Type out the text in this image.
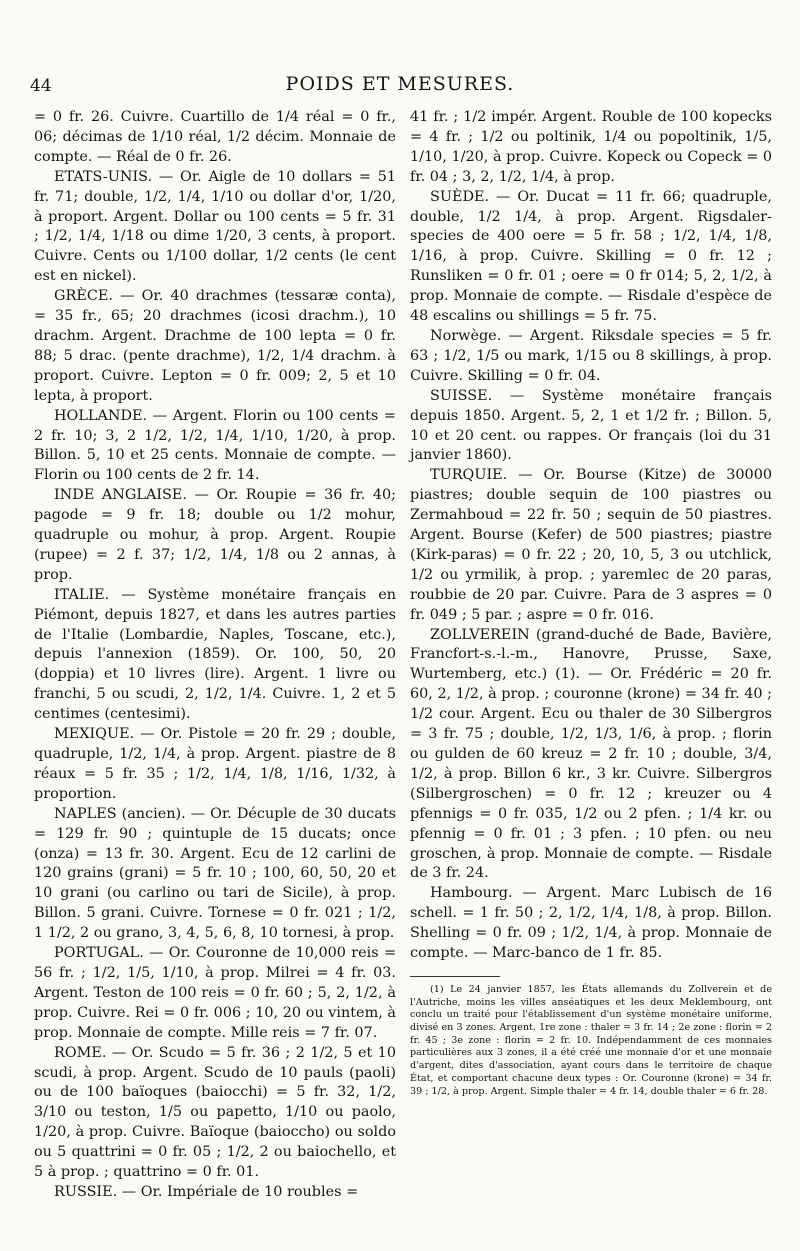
44	POIDS ET MESURES.

= 0 fr. 26. Cuivre. Cuartillo de 1/4 réal = 0 fr., 06; décimas de 1/10 réal, 1/2 décim. Monnaie de compte. — Réal de 0 fr. 26.

ETATS-UNIS. — Or. Aigle de 10 dollars = 51 fr. 71; double, 1/2, 1/4, 1/10 ou dollar d'or, 1/20, à proport. Argent. Dollar ou 100 cents = 5 fr. 31 ; 1/2, 1/4, 1/18 ou dime 1/20, 3 cents, à proport. Cuivre. Cents ou 1/100 dollar, 1/2 cents (le cent est en nickel).

GRÈCE. — Or. 40 drachmes (tessaræ conta), = 35 fr., 65; 20 drachmes (icosi drachm.), 10 drachm. Argent. Drachme de 100 lepta = 0 fr. 88; 5 drac. (pente drachme), 1/2, 1/4 drachm. à proport. Cuivre. Lepton = 0 fr. 009; 2, 5 et 10 lepta, à proport.

HOLLANDE. — Argent. Florin ou 100 cents = 2 fr. 10; 3, 2 1/2, 1/2, 1/4, 1/10, 1/20, à prop. Billon. 5, 10 et 25 cents. Monnaie de compte. — Florin ou 100 cents de 2 fr. 14.

INDE ANGLAISE. — Or. Roupie = 36 fr. 40; pagode = 9 fr. 18; double ou 1/2 mohur, quadruple ou mohur, à prop. Argent. Roupie (rupee) = 2 f. 37; 1/2, 1/4, 1/8 ou 2 annas, à prop.

ITALIE. — Système monétaire français en Piémont, depuis 1827, et dans les autres parties de l'Italie (Lombardie, Naples, Toscane, etc.), depuis l'annexion (1859). Or. 100, 50, 20 (doppia) et 10 livres (lire). Argent. 1 livre ou franchi, 5 ou scudi, 2, 1/2, 1/4. Cuivre. 1, 2 et 5 centimes (centesimi).

MEXIQUE. — Or. Pistole = 20 fr. 29 ; double, quadruple, 1/2, 1/4, à prop. Argent. piastre de 8 réaux = 5 fr. 35 ; 1/2, 1/4, 1/8, 1/16, 1/32, à proportion.

NAPLES (ancien). — Or. Décuple de 30 ducats = 129 fr. 90 ; quintuple de 15 ducats; once (onza) = 13 fr. 30. Argent. Ecu de 12 carlini de 120 grains (grani) = 5 fr. 10 ; 100, 60, 50, 20 et 10 grani (ou carlino ou tari de Sicile), à prop. Billon. 5 grani. Cuivre. Tornese = 0 fr. 021 ; 1/2, 1 1/2, 2 ou grano, 3, 4, 5, 6, 8, 10 tornesi, à prop.

PORTUGAL. — Or. Couronne de 10,000 reis = 56 fr. ; 1/2, 1/5, 1/10, à prop. Milrei = 4 fr. 03. Argent. Teston de 100 reis = 0 fr. 60 ; 5, 2, 1/2, à prop. Cuivre. Rei = 0 fr. 006 ; 10, 20 ou vintem, à prop. Monnaie de compte. Mille reis = 7 fr. 07.

ROME. — Or. Scudo = 5 fr. 36 ; 2 1/2, 5 et 10 scudi, à prop. Argent. Scudo de 10 pauls (paoli) ou de 100 baïoques (baiocchi) = 5 fr. 32, 1/2, 3/10 ou teston, 1/5 ou papetto, 1/10 ou paolo, 1/20, à prop. Cuivre. Baïoque (baioccho) ou soldo ou 5 quattrini = 0 fr. 05 ; 1/2, 2 ou baiochello, et 5 à prop. ; quattrino = 0 fr. 01.

RUSSIE. — Or. Impériale de 10 roubles =

41 fr. ; 1/2 impér. Argent. Rouble de 100 kopecks = 4 fr. ; 1/2 ou poltinik, 1/4 ou popoltinik, 1/5, 1/10, 1/20, à prop. Cuivre. Kopeck ou Copeck = 0 fr. 04 ; 3, 2, 1/2, 1/4, à prop.

SUÈDE. — Or. Ducat = 11 fr. 66; quadruple, double, 1/2 1/4, à prop. Argent. Rigsdaler-species de 400 oere = 5 fr. 58 ; 1/2, 1/4, 1/8, 1/16, à prop. Cuivre. Skilling = 0 fr. 12 ; Runsliken = 0 fr. 01 ; oere = 0 fr 014; 5, 2, 1/2, à prop. Monnaie de compte. — Risdale d'espèce de 48 escalins ou shillings = 5 fr. 75.

Norwège. — Argent. Riksdale species = 5 fr. 63 ; 1/2, 1/5 ou mark, 1/15 ou 8 skillings, à prop. Cuivre. Skilling = 0 fr. 04.

SUISSE. — Système monétaire français depuis 1850. Argent. 5, 2, 1 et 1/2 fr. ; Billon. 5, 10 et 20 cent. ou rappes. Or français (loi du 31 janvier 1860).

TURQUIE. — Or. Bourse (Kitze) de 30000 piastres; double sequin de 100 piastres ou Zermahboud = 22 fr. 50 ; sequin de 50 piastres. Argent. Bourse (Kefer) de 500 piastres; piastre (Kirk-paras) = 0 fr. 22 ; 20, 10, 5, 3 ou utchlick, 1/2 ou yrmilik, à prop. ; yaremlec de 20 paras, roubbie de 20 par. Cuivre. Para de 3 aspres = 0 fr. 049 ; 5 par. ; aspre = 0 fr. 016.

ZOLLVEREIN (grand-duché de Bade, Bavière, Francfort-s.-l.-m., Hanovre, Prusse, Saxe, Wurtemberg, etc.) (1). — Or. Frédéric = 20 fr. 60, 2, 1/2, à prop. ; couronne (krone) = 34 fr. 40 ; 1/2 cour. Argent. Ecu ou thaler de 30 Silbergros = 3 fr. 75 ; double, 1/2, 1/3, 1/6, à prop. ; florin ou gulden de 60 kreuz = 2 fr. 10 ; double, 3/4, 1/2, à prop. Billon 6 kr., 3 kr. Cuivre. Silbergros (Silbergroschen) = 0 fr. 12 ; kreuzer ou 4 pfennigs = 0 fr. 035, 1/2 ou 2 pfen. ; 1/4 kr. ou pfennig = 0 fr. 01 ; 3 pfen. ; 10 pfen. ou neu groschen, à prop. Monnaie de compte. — Risdale de 3 fr. 24.

Hambourg. — Argent. Marc Lubisch de 16 schell. = 1 fr. 50 ; 2, 1/2, 1/4, 1/8, à prop. Billon. Shelling = 0 fr. 09 ; 1/2, 1/4, à prop. Monnaie de compte. — Marc-banco de 1 fr. 85.

(1) Le 24 janvier 1857, les États allemands du Zollverein et de l'Autriche, moins les villes anséatiques et les deux Meklembourg, ont conclu un traité pour l'établissement d'un système monétaire uniforme, divisé en 3 zones. Argent. 1re zone : thaler = 3 fr. 14 ; 2e zone : florin = 2 fr. 45 ; 3e zone : florin = 2 fr. 10. Indépendamment de ces monnaies particulières aux 3 zones, il a été créé une monnaie d'or et une monnaie d'argent, dites d'association, ayant cours dans le territoire de chaque État, et comportant chacune deux types : Or. Couronne (krone) = 34 fr. 39 ; 1/2, à prop. Argent. Simple thaler = 4 fr. 14, double thaler = 6 fr. 28.
